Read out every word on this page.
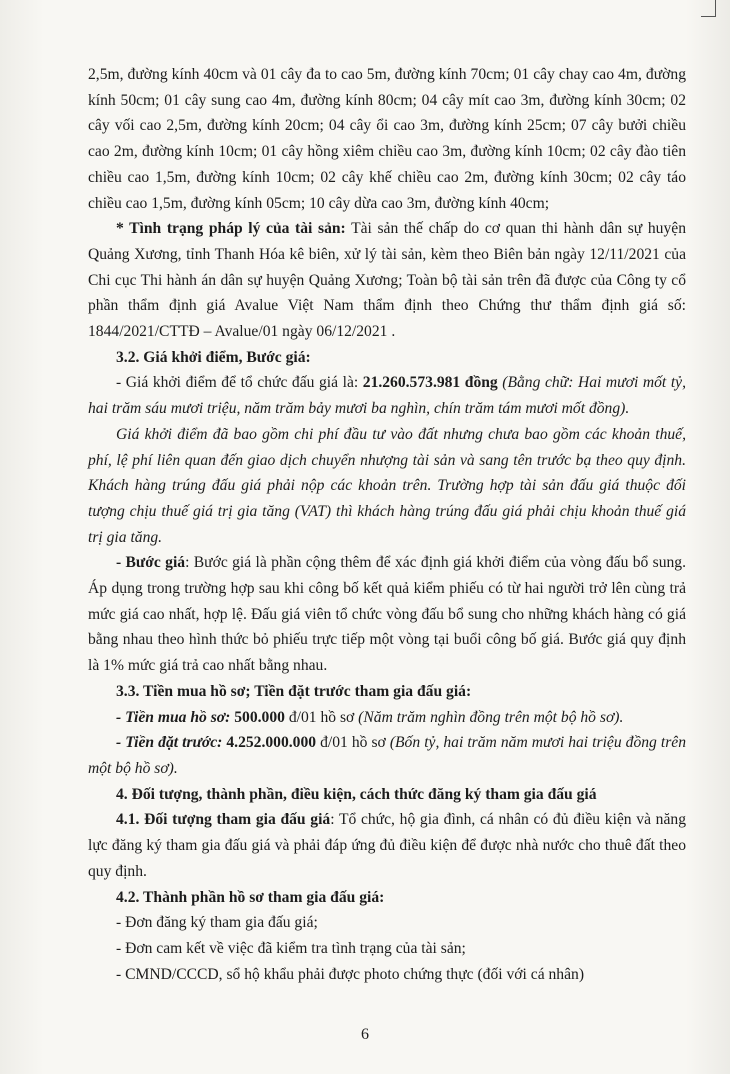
2,5m, đường kính 40cm và 01 cây đa to cao 5m, đường kính 70cm; 01 cây chay cao 4m, đường kính 50cm; 01 cây sung cao 4m, đường kính 80cm; 04 cây mít cao 3m, đường kính 30cm; 02 cây vối cao 2,5m, đường kính 20cm; 04 cây ổi cao 3m, đường kính 25cm; 07 cây bưởi chiều cao 2m, đường kính 10cm; 01 cây hồng xiêm chiều cao 3m, đường kính 10cm; 02 cây đào tiên chiều cao 1,5m, đường kính 10cm; 02 cây khế chiều cao 2m, đường kính 30cm; 02 cây táo chiều cao 1,5m, đường kính 05cm; 10 cây dừa cao 3m, đường kính 40cm;

* Tình trạng pháp lý của tài sản: Tài sản thế chấp do cơ quan thi hành dân sự huyện Quảng Xương, tỉnh Thanh Hóa kê biên, xử lý tài sản, kèm theo Biên bản ngày 12/11/2021 của Chi cục Thi hành án dân sự huyện Quảng Xương; Toàn bộ tài sản trên đã được của Công ty cổ phần thẩm định giá Avalue Việt Nam thẩm định theo Chứng thư thẩm định giá số: 1844/2021/CTTĐ – Avalue/01 ngày 06/12/2021 .

3.2. Giá khởi điểm, Bước giá:

- Giá khởi điểm để tổ chức đấu giá là: 21.260.573.981 đồng (Bằng chữ: Hai mươi mốt tỷ, hai trăm sáu mươi triệu, năm trăm bảy mươi ba nghìn, chín trăm tám mươi mốt đồng).

Giá khởi điểm đã bao gồm chi phí đầu tư vào đất nhưng chưa bao gồm các khoản thuế, phí, lệ phí liên quan đến giao dịch chuyển nhượng tài sản và sang tên trước bạ theo quy định. Khách hàng trúng đấu giá phải nộp các khoản trên. Trường hợp tài sản đấu giá thuộc đối tượng chịu thuế giá trị gia tăng (VAT) thì khách hàng trúng đấu giá phải chịu khoản thuế giá trị gia tăng.

- Bước giá: Bước giá là phần cộng thêm để xác định giá khởi điểm của vòng đấu bổ sung. Áp dụng trong trường hợp sau khi công bố kết quả kiểm phiếu có từ hai người trở lên cùng trả mức giá cao nhất, hợp lệ. Đấu giá viên tổ chức vòng đấu bổ sung cho những khách hàng có giá bằng nhau theo hình thức bỏ phiếu trực tiếp một vòng tại buổi công bố giá. Bước giá quy định là 1% mức giá trả cao nhất bằng nhau.

3.3. Tiền mua hồ sơ; Tiền đặt trước tham gia đấu giá:

- Tiền mua hồ sơ: 500.000 đ/01 hồ sơ (Năm trăm nghìn đồng trên một bộ hồ sơ).

- Tiền đặt trước: 4.252.000.000 đ/01 hồ sơ (Bốn tỷ, hai trăm năm mươi hai triệu đồng trên một bộ hồ sơ).

4. Đối tượng, thành phần, điều kiện, cách thức đăng ký tham gia đấu giá

4.1. Đối tượng tham gia đấu giá: Tổ chức, hộ gia đình, cá nhân có đủ điều kiện và năng lực đăng ký tham gia đấu giá và phải đáp ứng đủ điều kiện để được nhà nước cho thuê đất theo quy định.

4.2. Thành phần hồ sơ tham gia đấu giá:

- Đơn đăng ký tham gia đấu giá;

- Đơn cam kết về việc đã kiểm tra tình trạng của tài sản;

- CMND/CCCD, sổ hộ khẩu phải được photo chứng thực (đối với cá nhân)

6
